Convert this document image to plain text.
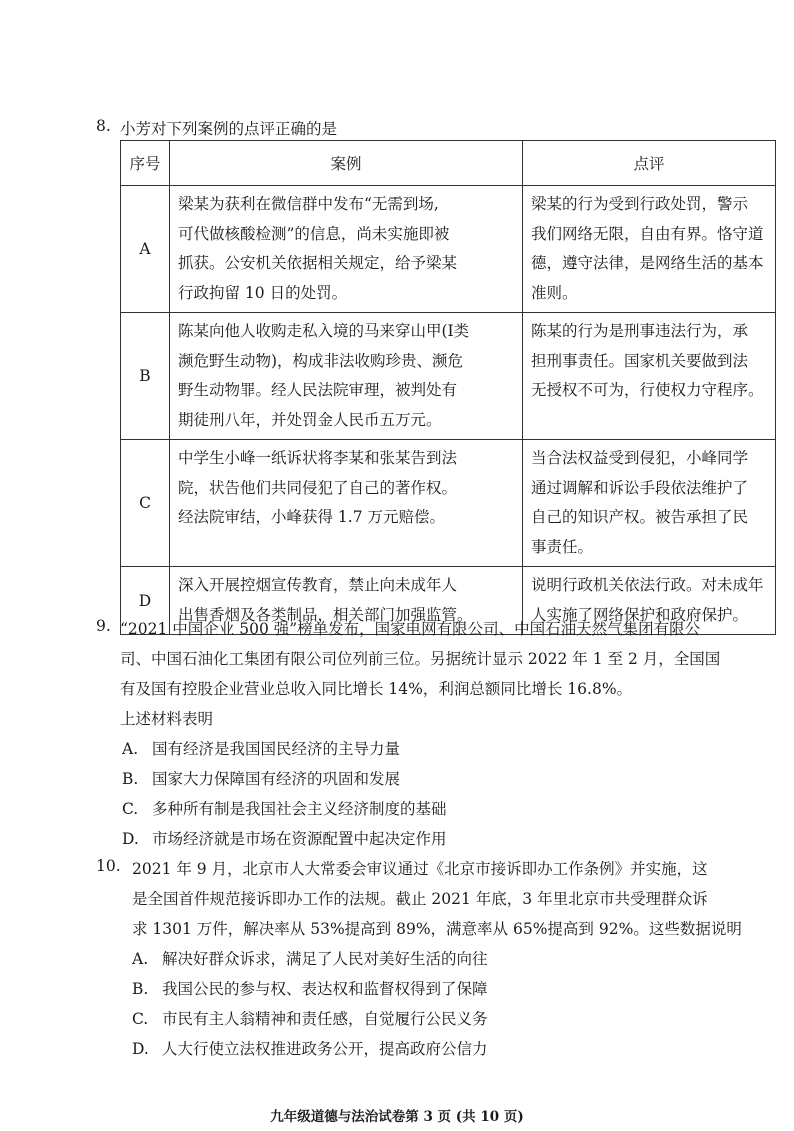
8. 小芳对下列案例的点评正确的是
序号	案例	点评
A	梁某为获利在微信群中发布“无需到场,
可代做核酸检测”的信息，尚未实施即被
抓获。公安机关依据相关规定，给予梁某
行政拘留 10 日的处罚。	梁某的行为受到行政处罚，警示
我们网络无限，自由有界。恪守道
德，遵守法律，是网络生活的基本
准则。

B	陈某向他人收购走私入境的马来穿山甲(Ⅰ类
濒危野生动物)，构成非法收购珍贵、濒危
野生动物罪。经人民法院审理，被判处有
期徒刑八年，并处罚金人民币五万元。	陈某的行为是刑事违法行为，承
担刑事责任。国家机关要做到法
无授权不可为，行使权力守程序。

C	中学生小峰一纸诉状将李某和张某告到法
院，状告他们共同侵犯了自己的著作权。
经法院审结，小峰获得 1.7 万元赔偿。	当合法权益受到侵犯，小峰同学
通过调解和诉讼手段依法维护了
自己的知识产权。被告承担了民
事责任。

D	深入开展控烟宣传教育，禁止向未成年人
出售香烟及各类制品，相关部门加强监管。	说明行政机关依法行政。对未成年
人实施了网络保护和政府保护。
9. “2021 中国企业 500 强”榜单发布，国家电网有限公司、中国石油天然气集团有限公
司、中国石油化工集团有限公司位列前三位。另据统计显示 2022 年 1 至 2 月，全国国
有及国有控股企业营业总收入同比增长 14%，利润总额同比增长 16.8%。
上述材料表明
A. 国有经济是我国国民经济的主导力量
B. 国家大力保障国有经济的巩固和发展
C. 多种所有制是我国社会主义经济制度的基础
D. 市场经济就是市场在资源配置中起决定作用
10. 2021 年 9 月，北京市人大常委会审议通过《北京市接诉即办工作条例》并实施，这
是全国首件规范接诉即办工作的法规。截止 2021 年底，3 年里北京市共受理群众诉
求 1301 万件，解决率从 53%提高到 89%，满意率从 65%提高到 92%。这些数据说明
A. 解决好群众诉求，满足了人民对美好生活的向往
B. 我国公民的参与权、表达权和监督权得到了保障
C. 市民有主人翁精神和责任感，自觉履行公民义务
D. 人大行使立法权推进政务公开，提高政府公信力
九年级道德与法治试卷第 3 页 (共 10 页)
